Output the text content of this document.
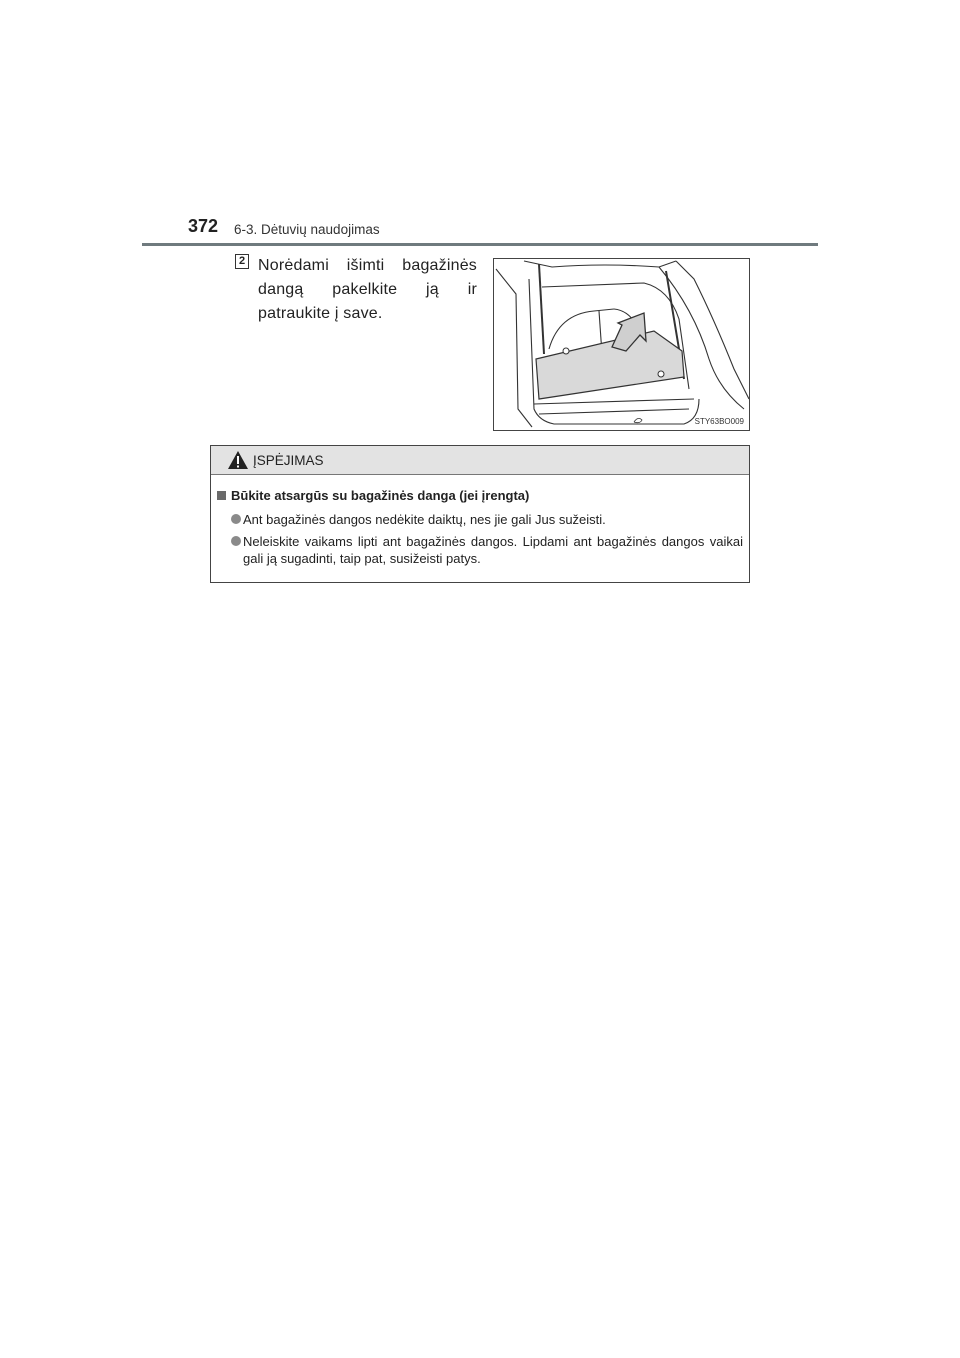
372 6-3. Dėtuvių naudojimas
2 Norėdami išimti bagažinės dangą pakelkite ją ir patraukite į save.
STY63BO009
ĮSPĖJIMAS
Būkite atsargūs su bagažinės danga (jei įrengta)
Ant bagažinės dangos nedėkite daiktų, nes jie gali Jus sužeisti.
Neleiskite vaikams lipti ant bagažinės dangos. Lipdami ant bagažinės dangos vaikai gali ją sugadinti, taip pat, susižeisti patys.
